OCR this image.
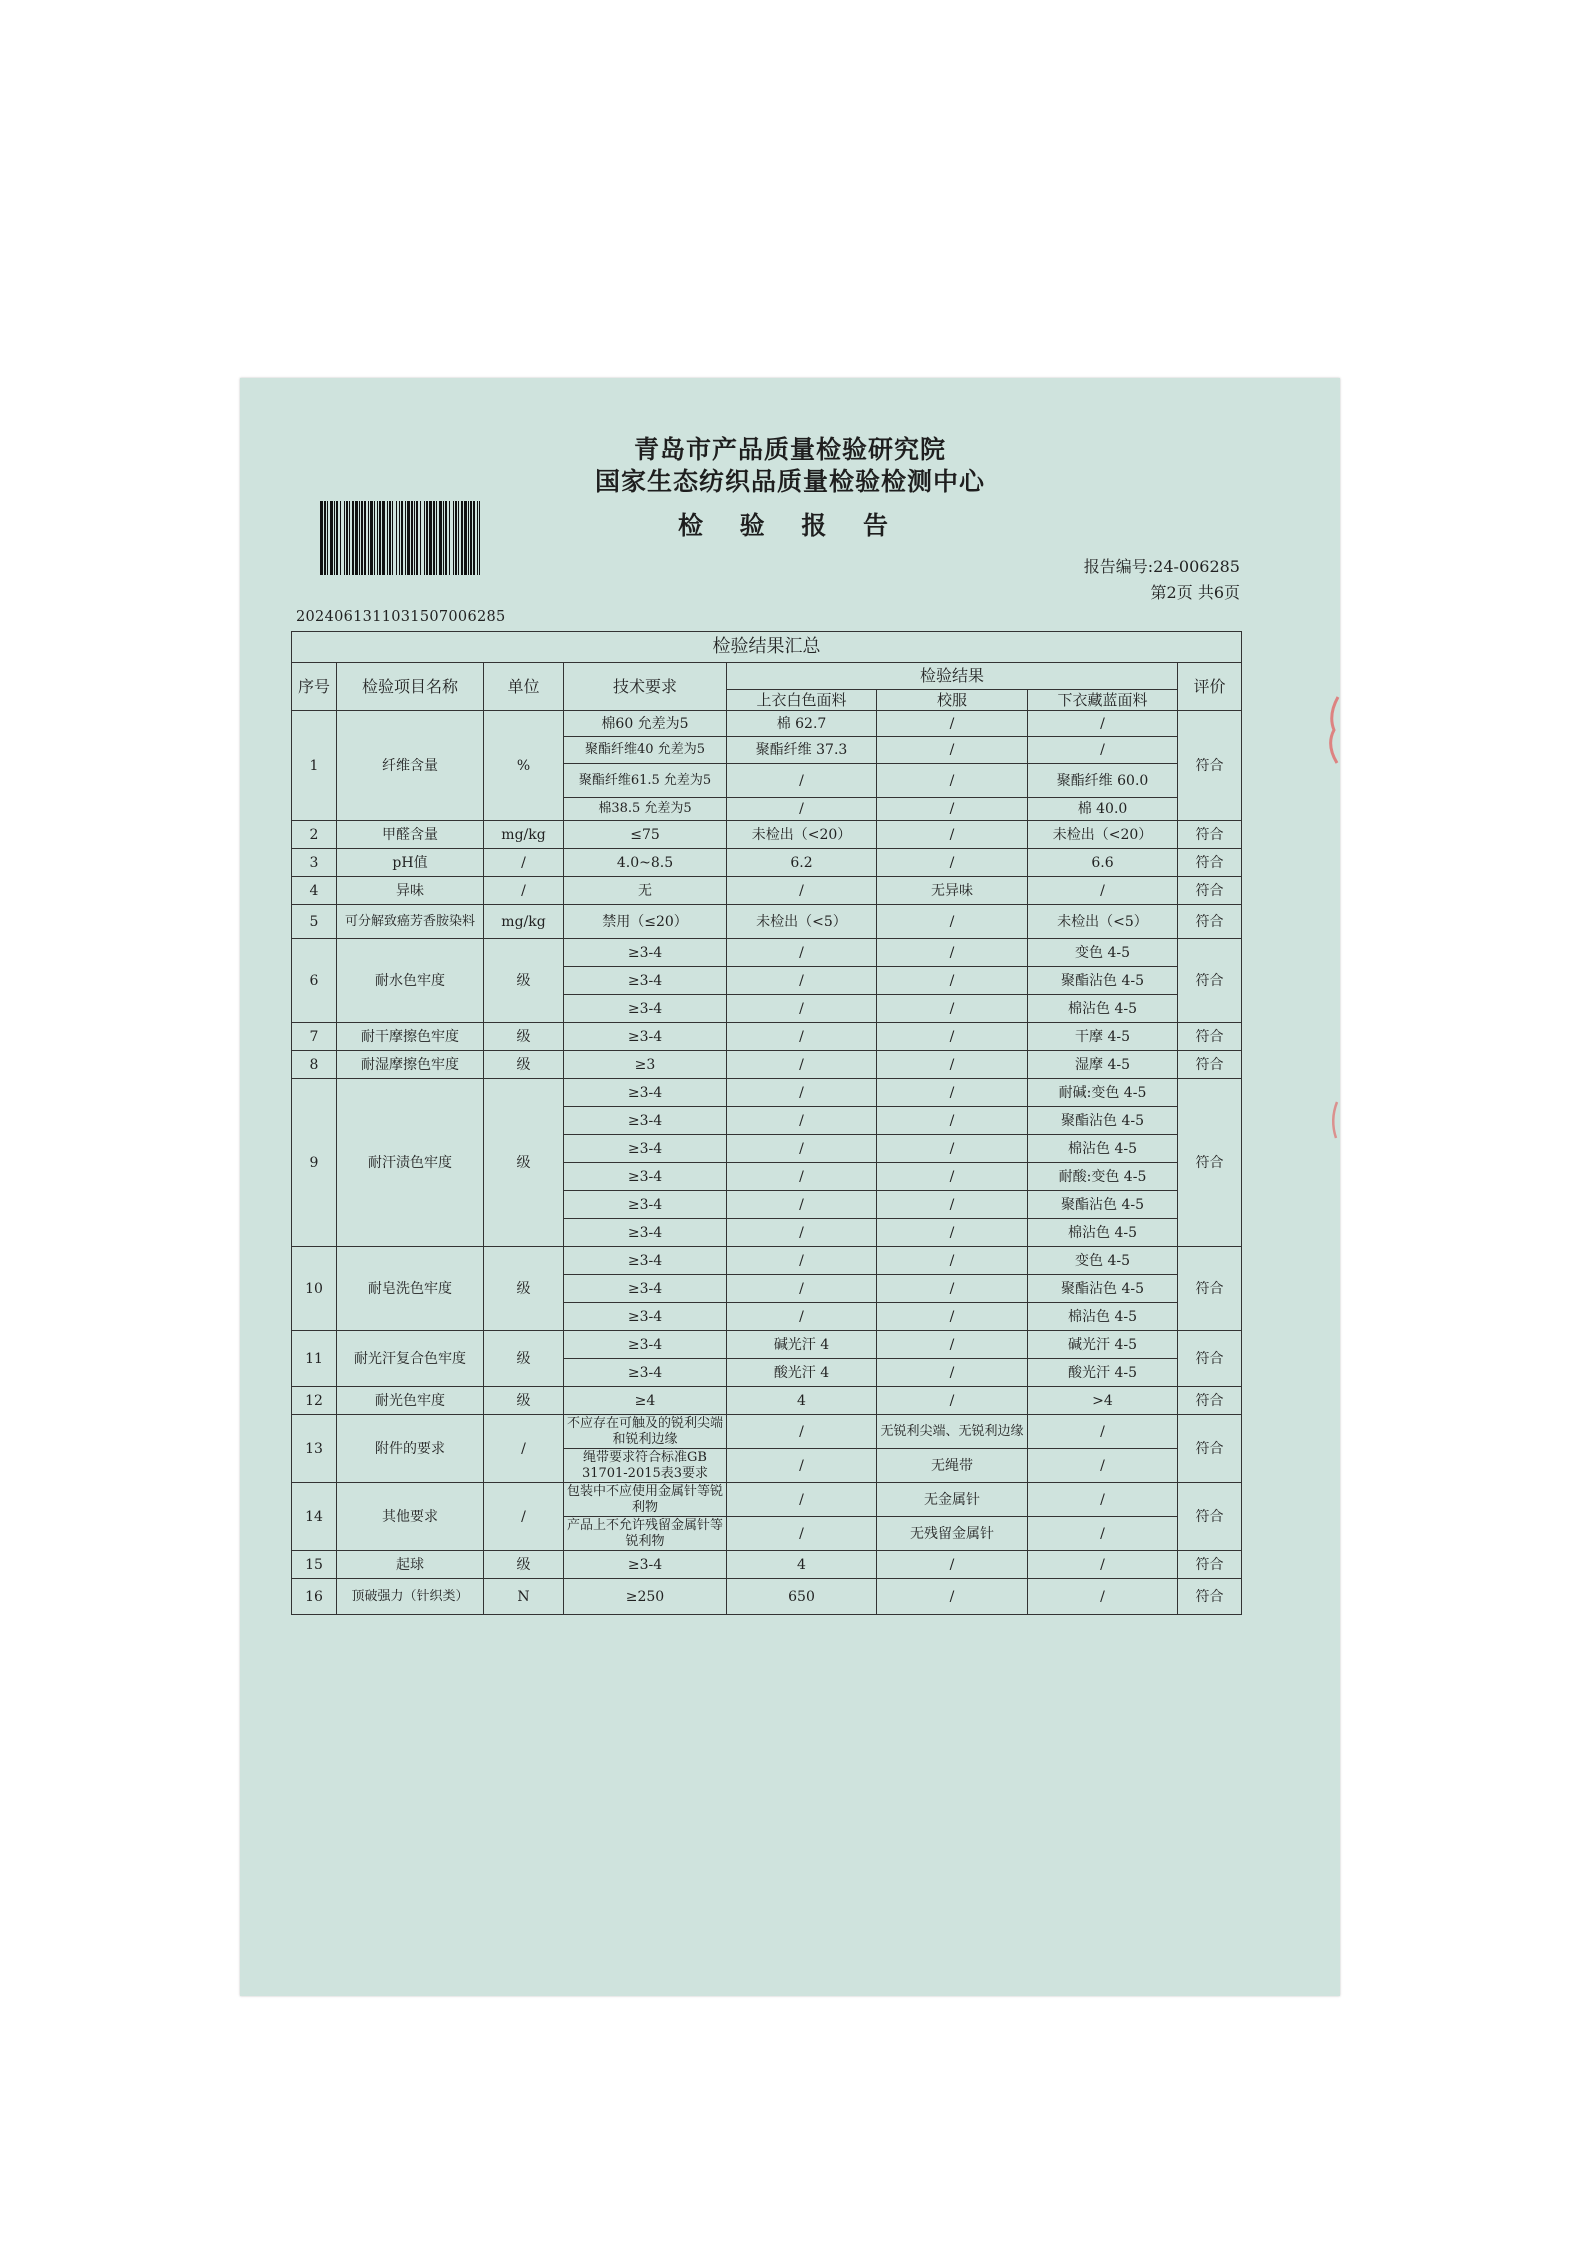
20240613110315070062​85
青岛市产品质量检验研究院
国家生态纺织品质量检验检测中心
检 验 报 告
报告编号:24-006285
第2页 共6页
检验结果汇总							
序号	检验项目名称	单位	技术要求	检验结果			评价
				上衣白色面料	校服	下衣藏蓝面料	
1	纤维含量	%	棉60 允差为5	棉 62.7	/	/	符合
			聚酯纤维40 允差为5	聚酯纤维 37.3	/	/	
			聚酯纤维61.5 允差为5	/	/	聚酯纤维 60.0	
			棉38.5 允差为5	/	/	棉 40.0	
2	甲醛含量	mg/kg	≤75	未检出（<20）	/	未检出（<20）	符合
3	pH值	/	4.0~8.5	6.2	/	6.6	符合
4	异味	/	无	/	无异味	/	符合
5	可分解致癌芳香胺染料	mg/kg	禁用（≤20）	未检出（<5）	/	未检出（<5）	符合
6	耐水色牢度	级	≥3-4	/	/	变色 4-5	符合
			≥3-4	/	/	聚酯沾色 4-5	
			≥3-4	/	/	棉沾色 4-5	
7	耐干摩擦色牢度	级	≥3-4	/	/	干摩 4-5	符合
8	耐湿摩擦色牢度	级	≥3	/	/	湿摩 4-5	符合
9	耐汗渍色牢度	级	≥3-4	/	/	耐碱:变色 4-5	符合
			≥3-4	/	/	聚酯沾色 4-5	
			≥3-4	/	/	棉沾色 4-5	
			≥3-4	/	/	耐酸:变色 4-5	
			≥3-4	/	/	聚酯沾色 4-5	
			≥3-4	/	/	棉沾色 4-5	
10	耐皂洗色牢度	级	≥3-4	/	/	变色 4-5	符合
			≥3-4	/	/	聚酯沾色 4-5	
			≥3-4	/	/	棉沾色 4-5	
11	耐光汗复合色牢度	级	≥3-4	碱光汗 4	/	碱光汗 4-5	符合
			≥3-4	酸光汗 4	/	酸光汗 4-5	
12	耐光色牢度	级	≥4	4	/	>4	符合
13	附件的要求	/	不应存在可触及的锐利尖端和锐利边缘	/	无锐利尖端、无锐利边缘	/	符合
			绳带要求符合标准GB 31701-2015表3要求	/	无绳带	/	
14	其他要求	/	包装中不应使用金属针等锐利物	/	无金属针	/	符合
			产品上不允许残留金属针等锐利物	/	无残留金属针	/	
15	起球	级	≥3-4	4	/	/	符合
16	顶破强力（针织类）	N	≥250	650	/	/	符合
